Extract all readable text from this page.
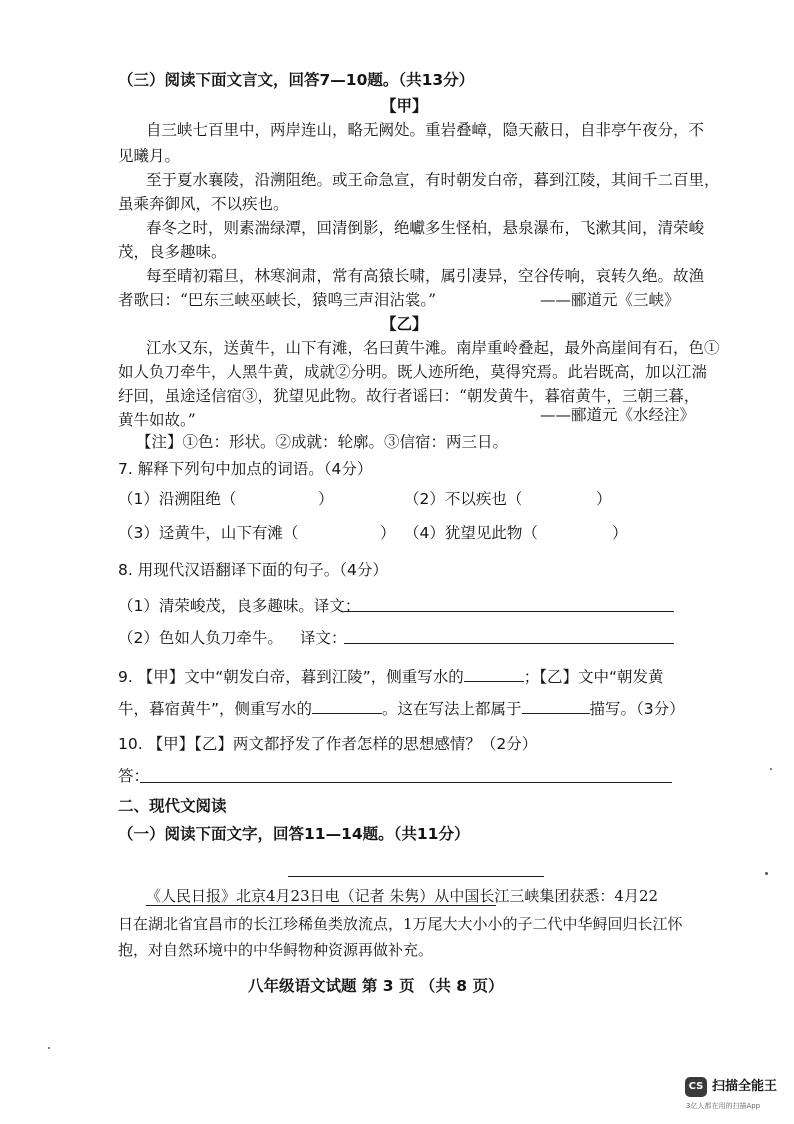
（三）阅读下面文言文，回答7—10题。（共13分）
【甲】
自三峡七百里中，两岸连山，略无阙处。重岩叠嶂，隐天蔽日，自非亭午夜分，不
见曦月。
至于夏水襄陵，沿溯阻绝。或王命急宣，有时朝发白帝，暮到江陵，其间千二百里，
虽乘奔御风，不以疾也。
春冬之时，则素湍绿潭，回清倒影，绝巘多生怪柏，悬泉瀑布，飞漱其间，清荣峻
茂，良多趣味。
每至晴初霜旦，林寒涧肃，常有高猿长啸，属引凄异，空谷传响，哀转久绝。故渔
者歌曰：“巴东三峡巫峡长，猿鸣三声泪沾裳。”	——郦道元《三峡》
【乙】
江水又东，送黄牛，山下有滩，名曰黄牛滩。南岸重岭叠起，最外高崖间有石，色①
如人负刀牵牛，人黑牛黄，成就②分明。既人迹所绝，莫得究焉。此岩既高，加以江湍
纡回，虽途迳信宿③，犹望见此物。故行者谣曰：“朝发黄牛，暮宿黄牛，三朝三暮，
黄牛如故。”	——郦道元《水经注》
【注】①色：形状。②成就：轮廓。③信宿：两三日。
7. 解释下列句中加点的词语。（4分）
（1）沿溯阻绝（	）	（2）不以疾也（	）
（3）迳黄牛，山下有滩（	） （4）犹望见此物（	）
8. 用现代汉语翻译下面的句子。（4分）
（1）清荣峻茂，良多趣味。译文：
（2）色如人负刀牵牛。 译文：
9. 【甲】文中“朝发白帝，暮到江陵”，侧重写水的	；【乙】文中“朝发黄
牛，暮宿黄牛”，侧重写水的	。这在写法上都属于	描写。（3分）
10. 【甲】【乙】两文都抒发了作者怎样的思想感情？（2分）
答：
二、现代文阅读
（一）阅读下面文字，回答11—14题。（共11分）
《人民日报》北京4月23日电（记者 朱隽）从中国长江三峡集团获悉：4月22
日在湖北省宜昌市的长江珍稀鱼类放流点，1万尾大大小小的子二代中华鲟回归长江怀
抱，对自然环境中的中华鲟物种资源再做补充。
八年级语文试题 第 3 页 （共 8 页）
CS 扫描全能王
3亿人都在用的扫描App
